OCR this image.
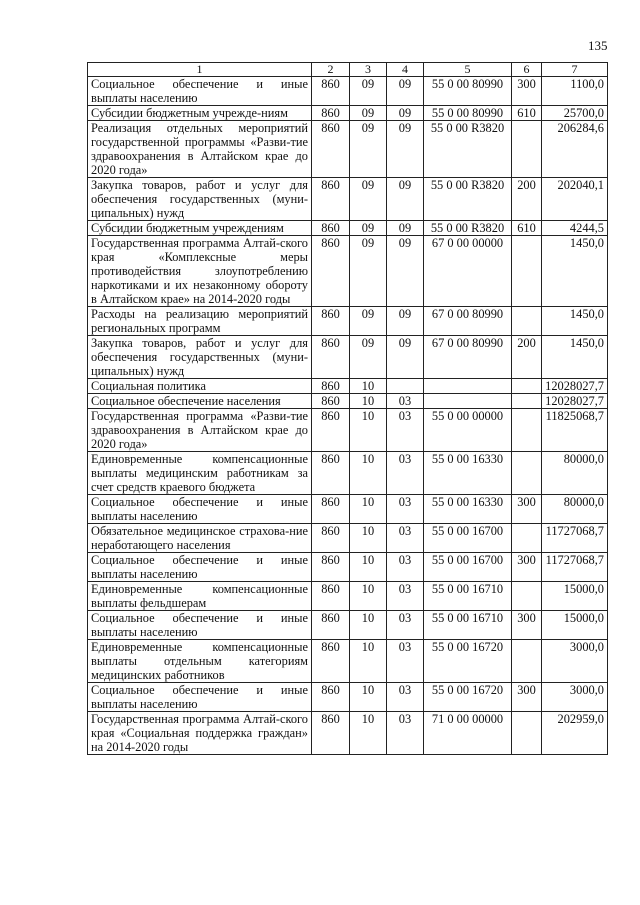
135
1	2	3	4	5	6	7
Социальное обеспечение и иные выплаты населению	860	09	09	55 0 00 80990	300	1100,0
Субсидии бюджетным учрежде-ниям	860	09	09	55 0 00 80990	610	25700,0
Реализация отдельных мероприятий государственной программы «Разви-тие здравоохранения в Алтайском крае до 2020 года»	860	09	09	55 0 00 R3820		206284,6
Закупка товаров, работ и услуг для обеспечения государственных (муни-ципальных) нужд	860	09	09	55 0 00 R3820	200	202040,1
Субсидии бюджетным учреждениям	860	09	09	55 0 00 R3820	610	4244,5
Государственная программа Алтай-ского края «Комплексные меры противодействия злоупотреблению наркотиками и их незаконному обороту в Алтайском крае» на 2014-2020 годы	860	09	09	67 0 00 00000		1450,0
Расходы на реализацию мероприятий региональных программ	860	09	09	67 0 00 80990		1450,0
Закупка товаров, работ и услуг для обеспечения государственных (муни-ципальных) нужд	860	09	09	67 0 00 80990	200	1450,0
Социальная политика	860	10				12028027,7
Социальное обеспечение населения	860	10	03			12028027,7
Государственная программа «Разви-тие здравоохранения в Алтайском крае до 2020 года»	860	10	03	55 0 00 00000		11825068,7
Единовременные компенсационные выплаты медицинским работникам за счет средств краевого бюджета	860	10	03	55 0 00 16330		80000,0
Социальное обеспечение и иные выплаты населению	860	10	03	55 0 00 16330	300	80000,0
Обязательное медицинское страхова-ние неработающего населения	860	10	03	55 0 00 16700		11727068,7
Социальное обеспечение и иные выплаты населению	860	10	03	55 0 00 16700	300	11727068,7
Единовременные компенсационные выплаты фельдшерам	860	10	03	55 0 00 16710		15000,0
Социальное обеспечение и иные выплаты населению	860	10	03	55 0 00 16710	300	15000,0
Единовременные компенсационные выплаты отдельным категориям медицинских работников	860	10	03	55 0 00 16720		3000,0
Социальное обеспечение и иные выплаты населению	860	10	03	55 0 00 16720	300	3000,0
Государственная программа Алтай-ского края «Социальная поддержка граждан» на 2014-2020 годы	860	10	03	71 0 00 00000		202959,0
